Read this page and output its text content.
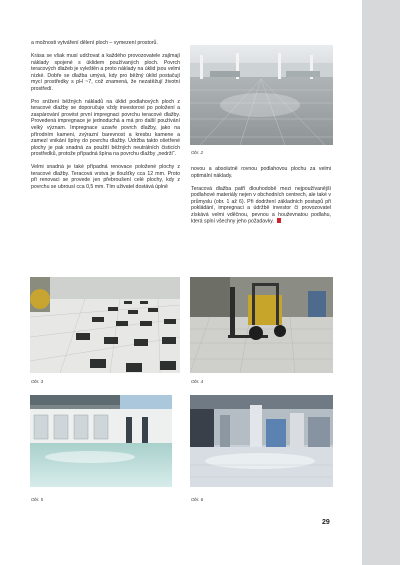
a možnosti vytváření dělení ploch – vymezení prostorů.

Krása se však musí udržovat a každého provozovatele zajímají náklady spojené s úklidem používaných ploch. Povrch teracových dlažeb je vyleštěn a proto náklady na úklid jsou velmi nízké. Dobře se dlažba umývá, kdy pro běžný úklid postačují mycí prostředky s pH ~7, což znamená, že nezatěžují životní prostředí.

Pro snížení běžných nákladů na úklid podlahových ploch z teracové dlažby se doporučuje vždy investorovi po položení a zaspárování provést první impregnaci povrchu teracové dlažby. Provedená impregnace je jednoduchá a má pro další používání velký význam. Impregnace uzavře povrch dlažby, jako na přírodním kameni, zvýrazní barevnost a kresbu kamene a zamezí vnikání špíny do povrchu dlažby. Údržba takto ošetřené plochy je pak snadná za použití běžných neutrálních čisticích prostředků, protože případná špína na povrchu dlažby „nedrží“.

Velmi snadná je také případná renovace položené plochy z teracové dlažby. Teracová vrstva je tloušťky cca 12 mm. Proto při renovaci se provede jen přebroušení celé plochy, kdy z povrchu se ubrousí cca 0,5 mm. Tím uživatel dostává úplně

novou a absolutně rovnou podlahovou plochu za velmi optimální náklady.

Teracová dlažba patří dlouhodobě mezi nejpoužívanější podlahové materiály nejen v obchodních centrech, ale také v průmyslu (obr. 1 až 6). Při dodržení základních postupů při pokládání, impregnaci a údržbě investor či provozovatel získává velmi vděčnou, pevnou a houževnatou podlahu, která splní všechny jeho požadavky.

Obr. 2
Obr. 3	Obr. 4
Obr. 5	Obr. 6
29
